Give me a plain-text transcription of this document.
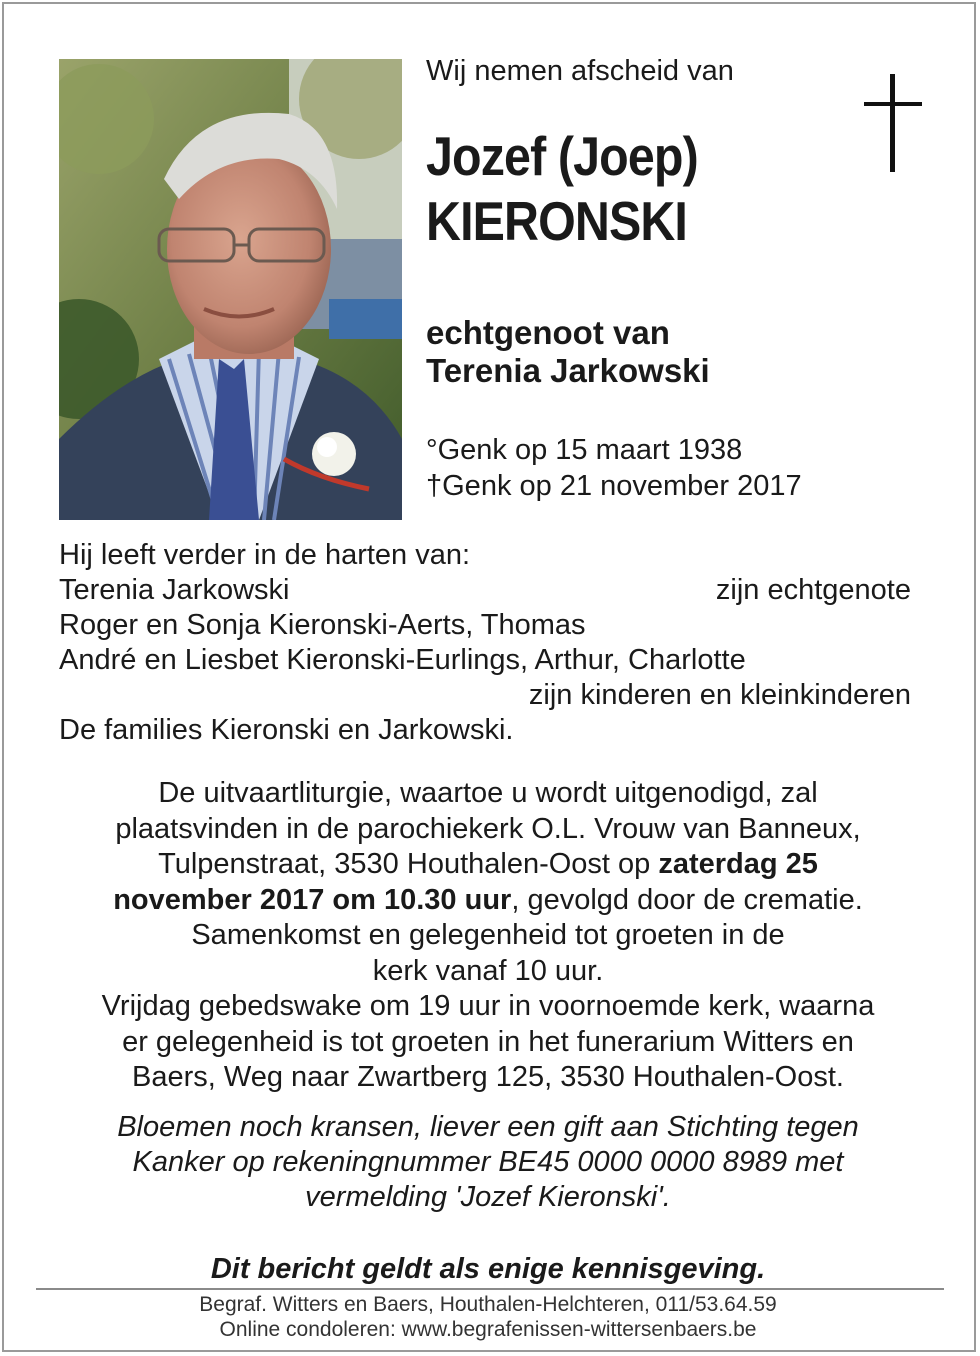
Wij nemen afscheid van
Jozef (Joep)
KIERONSKI
echtgenoot van
Terenia Jarkowski
°Genk op 15 maart 1938
†Genk op 21 november 2017
Hij leeft verder in de harten van:
Terenia Jarkowski	zijn echtgenote
Roger en Sonja Kieronski-Aerts, Thomas
André en Liesbet Kieronski-Eurlings, Arthur, Charlotte
zijn kinderen en kleinkinderen
De families Kieronski en Jarkowski.
De uitvaartliturgie, waartoe u wordt uitgenodigd, zal
plaatsvinden in de parochiekerk O.L. Vrouw van Banneux,
Tulpenstraat, 3530 Houthalen-Oost op zaterdag 25
november 2017 om 10.30 uur, gevolgd door de crematie.
Samenkomst en gelegenheid tot groeten in de
kerk vanaf 10 uur.
Vrijdag gebedswake om 19 uur in voornoemde kerk, waarna
er gelegenheid is tot groeten in het funerarium Witters en
Baers, Weg naar Zwartberg 125, 3530 Houthalen-Oost.
Bloemen noch kransen, liever een gift aan Stichting tegen
Kanker op rekeningnummer BE45 0000 0000 8989 met
vermelding 'Jozef Kieronski'.
Dit bericht geldt als enige kennisgeving.
Begraf. Witters en Baers, Houthalen-Helchteren, 011/53.64.59
Online condoleren: www.begrafenissen-wittersenbaers.be
